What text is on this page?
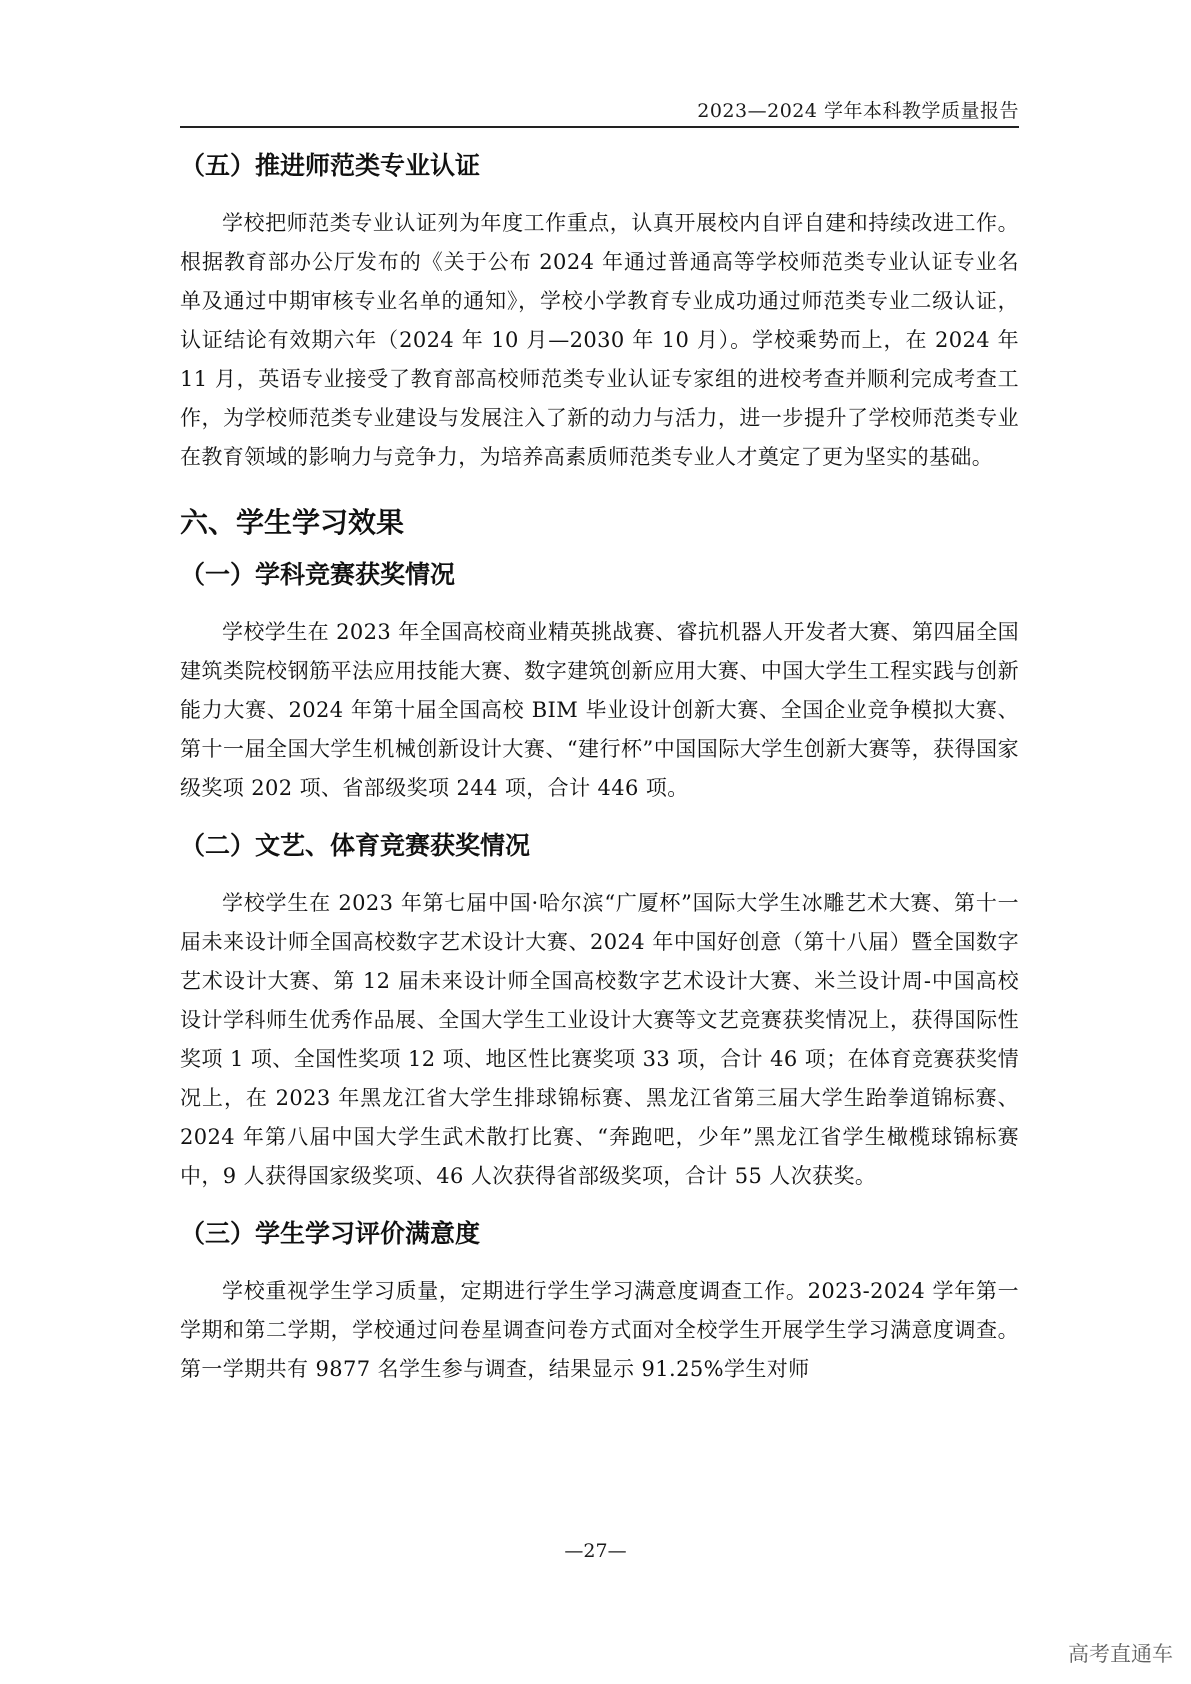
2023—2024 学年本科教学质量报告
（五）推进师范类专业认证

学校把师范类专业认证列为年度工作重点，认真开展校内自评自建和持续改进工作。根据教育部办公厅发布的《关于公布 2024 年通过普通高等学校师范类专业认证专业名单及通过中期审核专业名单的通知》，学校小学教育专业成功通过师范类专业二级认证，认证结论有效期六年（2024 年 10 月—2030 年 10 月）。学校乘势而上，在 2024 年 11 月，英语专业接受了教育部高校师范类专业认证专家组的进校考查并顺利完成考查工作，为学校师范类专业建设与发展注入了新的动力与活力，进一步提升了学校师范类专业在教育领域的影响力与竞争力，为培养高素质师范类专业人才奠定了更为坚实的基础。

六、学生学习效果
（一）学科竞赛获奖情况

学校学生在 2023 年全国高校商业精英挑战赛、睿抗机器人开发者大赛、第四届全国建筑类院校钢筋平法应用技能大赛、数字建筑创新应用大赛、中国大学生工程实践与创新能力大赛、2024 年第十届全国高校 BIM 毕业设计创新大赛、全国企业竞争模拟大赛、第十一届全国大学生机械创新设计大赛、“建行杯”中国国际大学生创新大赛等，获得国家级奖项 202 项、省部级奖项 244 项，合计 446 项。

（二）文艺、体育竞赛获奖情况

学校学生在 2023 年第七届中国·哈尔滨“广厦杯”国际大学生冰雕艺术大赛、第十一届未来设计师全国高校数字艺术设计大赛、2024 年中国好创意（第十八届）暨全国数字艺术设计大赛、第 12 届未来设计师全国高校数字艺术设计大赛、米兰设计周-中国高校设计学科师生优秀作品展、全国大学生工业设计大赛等文艺竞赛获奖情况上，获得国际性奖项 1 项、全国性奖项 12 项、地区性比赛奖项 33 项，合计 46 项；在体育竞赛获奖情况上，在 2023 年黑龙江省大学生排球锦标赛、黑龙江省第三届大学生跆拳道锦标赛、2024 年第八届中国大学生武术散打比赛、“奔跑吧，少年”黑龙江省学生橄榄球锦标赛中，9 人获得国家级奖项、46 人次获得省部级奖项，合计 55 人次获奖。

（三）学生学习评价满意度

学校重视学生学习质量，定期进行学生学习满意度调查工作。2023-2024 学年第一学期和第二学期，学校通过问卷星调查问卷方式面对全校学生开展学生学习满意度调查。第一学期共有 9877 名学生参与调查，结果显示 91.25%学生对师

—27—
高考直通车
